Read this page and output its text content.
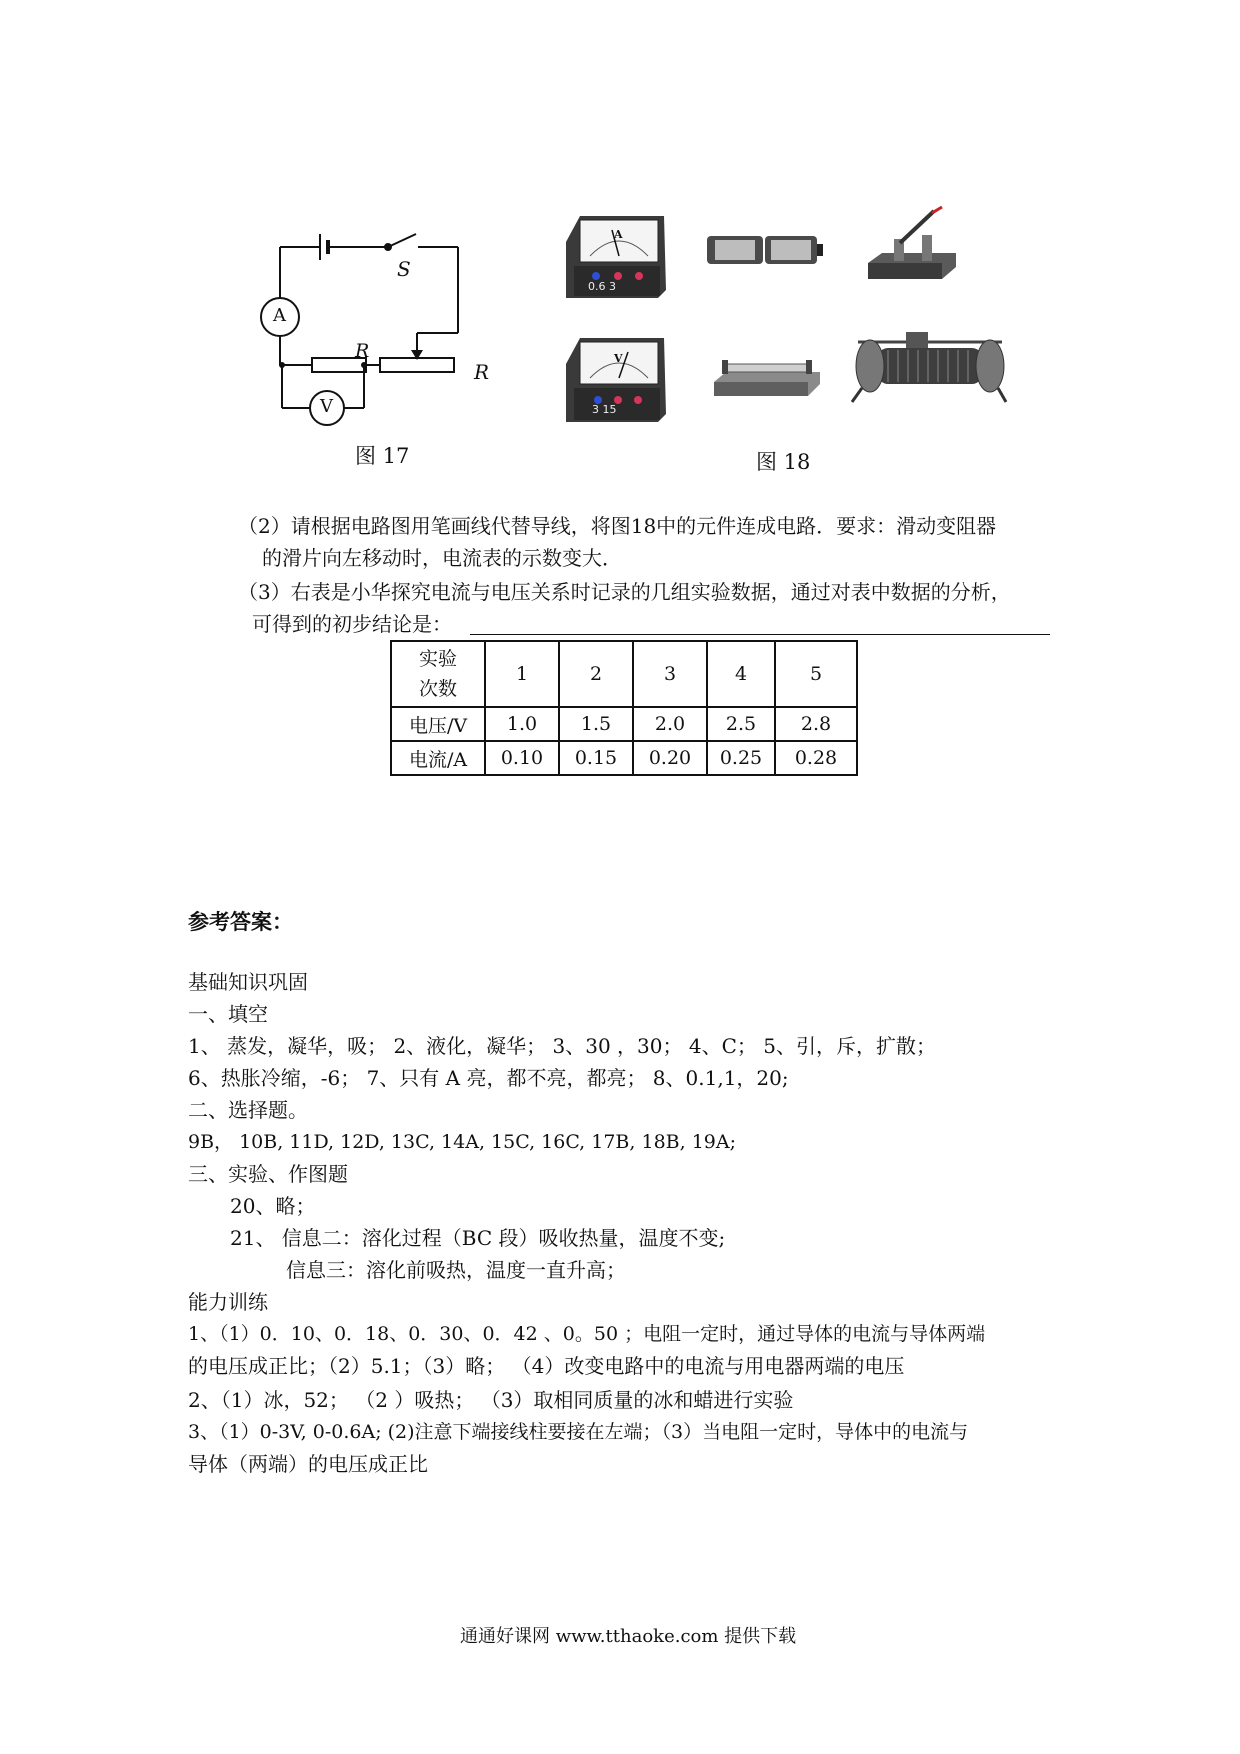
S
R
R
A
V
图 17
A
0.6 3
V
3 15
图 18
（2）请根据电路图用笔画线代替导线，将图18中的元件连成电路．要求：滑动变阻器
的滑片向左移动时，电流表的示数变大．
（3）右表是小华探究电流与电压关系时记录的几组实验数据，通过对表中数据的分析，
可得到的初步结论是：
实验
次数	1	2	3	4	5
电压/V	1.0	1.5	2.0	2.5	2.8
电流/A	0.10	0.15	0.20	0.25	0.28
参考答案：
基础知识巩固
一、填空
1、 蒸发，凝华，吸； 2、液化，凝华； 3、30 ，30； 4、C； 5、引，斥，扩散；
6、热胀冷缩，-6； 7、只有 A 亮，都不亮，都亮； 8、0.1,1，20;
二、选择题。
9B， 10B, 11D, 12D, 13C, 14A, 15C, 16C, 17B, 18B, 19A;
三、实验、作图题
20、略；
21、 信息二：溶化过程（BC 段）吸收热量，温度不变;
信息三：溶化前吸热，温度一直升高；
能力训练
1、（1）0．10、0．18、0．30、0．42 、0。50 ；电阻一定时，通过导体的电流与导体两端
的电压成正比；（2）5.1；（3）略； （4）改变电路中的电流与用电器两端的电压
2、（1）冰，52； （2 ）吸热； （3）取相同质量的冰和蜡进行实验
3、（1）0-3V, 0-0.6A; (2)注意下端接线柱要接在左端；（3）当电阻一定时，导体中的电流与
导体（两端）的电压成正比
通通好课网 www.tthaoke.com 提供下载
